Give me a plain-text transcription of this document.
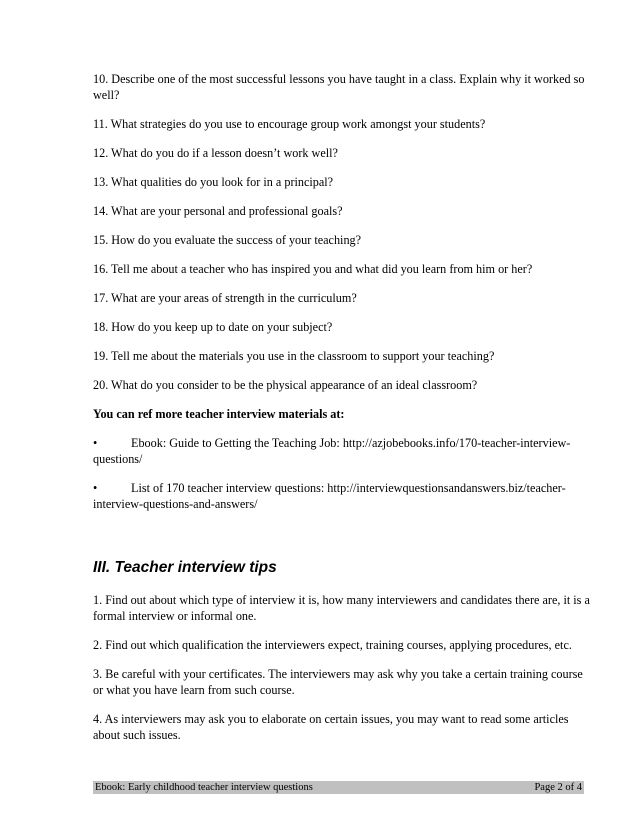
10. Describe one of the most successful lessons you have taught in a class. Explain why it worked so well?

11. What strategies do you use to encourage group work amongst your students?

12. What do you do if a lesson doesn’t work well?

13. What qualities do you look for in a principal?

14. What are your personal and professional goals?

15. How do you evaluate the success of your teaching?

16. Tell me about a teacher who has inspired you and what did you learn from him or her?

17. What are your areas of strength in the curriculum?

18. How do you keep up to date on your subject?

19. Tell me about the materials you use in the classroom to support your teaching?

20. What do you consider to be the physical appearance of an ideal classroom?

You can ref more teacher interview materials at:

•	Ebook: Guide to Getting the Teaching Job: http://azjobebooks.info/170-teacher-interview-questions/

•	List of 170 teacher interview questions: http://interviewquestionsandanswers.biz/teacher-interview-questions-and-answers/

III. Teacher interview tips

1. Find out about which type of interview it is, how many interviewers and candidates there are, it is a formal interview or informal one.

2. Find out which qualification the interviewers expect, training courses, applying procedures, etc.

3. Be careful with your certificates. The interviewers may ask why you take a certain training course or what you have learn from such course.

4. As interviewers may ask you to elaborate on certain issues, you may want to read some articles about such issues.

Ebook: Early childhood teacher interview questions	Page 2 of 4
